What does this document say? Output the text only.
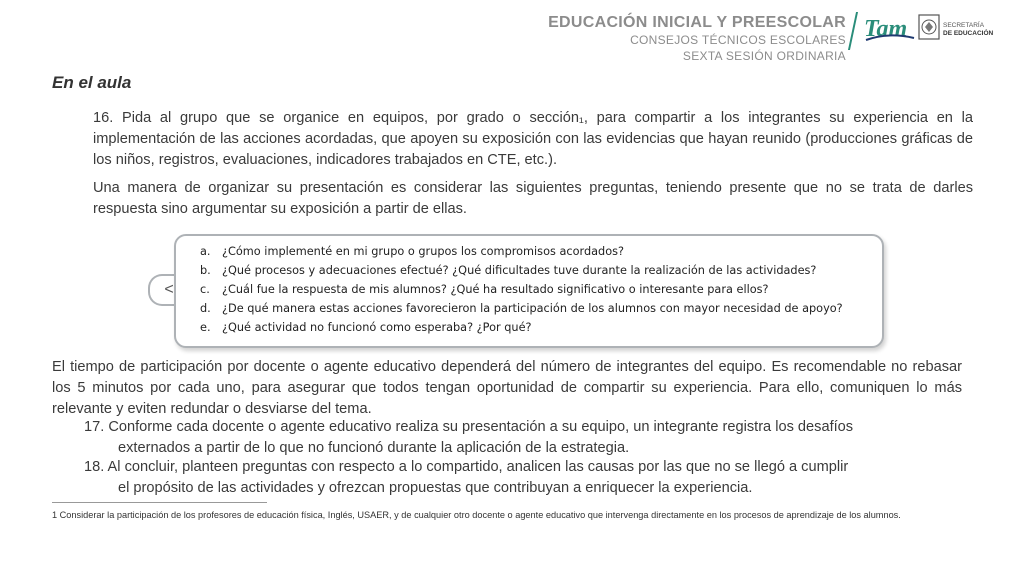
EDUCACIÓN INICIAL Y PREESCOLAR
CONSEJOS TÉCNICOS ESCOLARES
SEXTA SESIÓN ORDINARIA
Tam	SECRETARÍA
DE EDUCACIÓN
En el aula
16. Pida al grupo que se organice en equipos, por grado o sección₁, para compartir a los integrantes su experiencia en la implementación de las acciones acordadas, que apoyen su exposición con las evidencias que hayan reunido (producciones gráficas de los niños, registros, evaluaciones, indicadores trabajados en CTE, etc.).
Una manera de organizar su presentación es considerar las siguientes preguntas, teniendo presente que no se trata de darles respuesta sino argumentar su exposición a partir de ellas.
<
a. ¿Cómo implementé en mi grupo o grupos los compromisos acordados?
b. ¿Qué procesos y adecuaciones efectué? ¿Qué dificultades tuve durante la realización de las actividades?
c. ¿Cuál fue la respuesta de mis alumnos? ¿Qué ha resultado significativo o interesante para ellos?
d. ¿De qué manera estas acciones favorecieron la participación de los alumnos con mayor necesidad de apoyo?
e. ¿Qué actividad no funcionó como esperaba? ¿Por qué?
El tiempo de participación por docente o agente educativo dependerá del número de integrantes del equipo. Es recomendable no rebasar los 5 minutos por cada uno, para asegurar que todos tengan oportunidad de compartir su experiencia. Para ello, comuniquen lo más relevante y eviten redundar o desviarse del tema.
17. Conforme cada docente o agente educativo realiza su presentación a su equipo, un integrante registra los desafíos
externados a partir de lo que no funcionó durante la aplicación de la estrategia.
18. Al concluir, planteen preguntas con respecto a lo compartido, analicen las causas por las que no se llegó a cumplir
el propósito de las actividades y ofrezcan propuestas que contribuyan a enriquecer la experiencia.
1 Considerar la participación de los profesores de educación física, Inglés, USAER, y de cualquier otro docente o agente educativo que intervenga directamente en los procesos de aprendizaje de los alumnos.
